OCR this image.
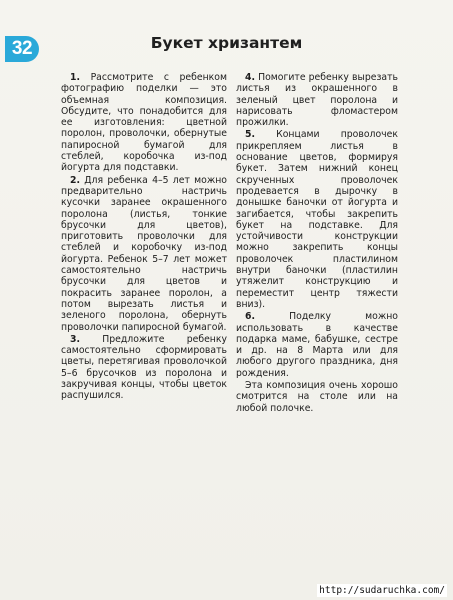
32	Букет хризантем

1. Рассмотрите с ребенком фотографию поделки — это объемная композиция. Обсудите, что понадобится для ее изготовления: цветной поролон, проволочки, обернутые папиросной бумагой для стеблей, коробочка из-под йогурта для подставки.

2. Для ребенка 4–5 лет можно предварительно настричь кусочки заранее окрашенного поролона (листья, тонкие брусочки для цветов), приготовить проволочки для стеблей и коробочку из-под йогурта. Ребенок 5–7 лет может самостоятельно настричь брусочки для цветов и покрасить заранее поролон, а потом вырезать листья и зеленого поролона, обернуть проволочки папиросной бумагой.

3. Предложите ребенку самостоятельно сформировать цветы, перетягивая проволочкой 5–6 брусочков из поролона и закручивая концы, чтобы цветок распушился.

4. Помогите ребенку вырезать листья из окрашенного в зеленый цвет поролона и нарисовать фломастером прожилки.

5. Концами проволочек прикрепляем листья в основание цветов, формируя букет. Затем нижний конец скрученных проволочек продевается в дырочку в донышке баночки от йогурта и загибается, чтобы закрепить букет на подставке. Для устойчивости конструкции можно закрепить концы проволочек пластилином внутри баночки (пластилин утяжелит конструкцию и переместит центр тяжести вниз).

6. Поделку можно использовать в качестве подарка маме, бабушке, сестре и др. на 8 Марта или для любого другого праздника, дня рождения.

Эта композиция очень хорошо смотрится на столе или на любой полочке.

http://sudaruchka.com/
